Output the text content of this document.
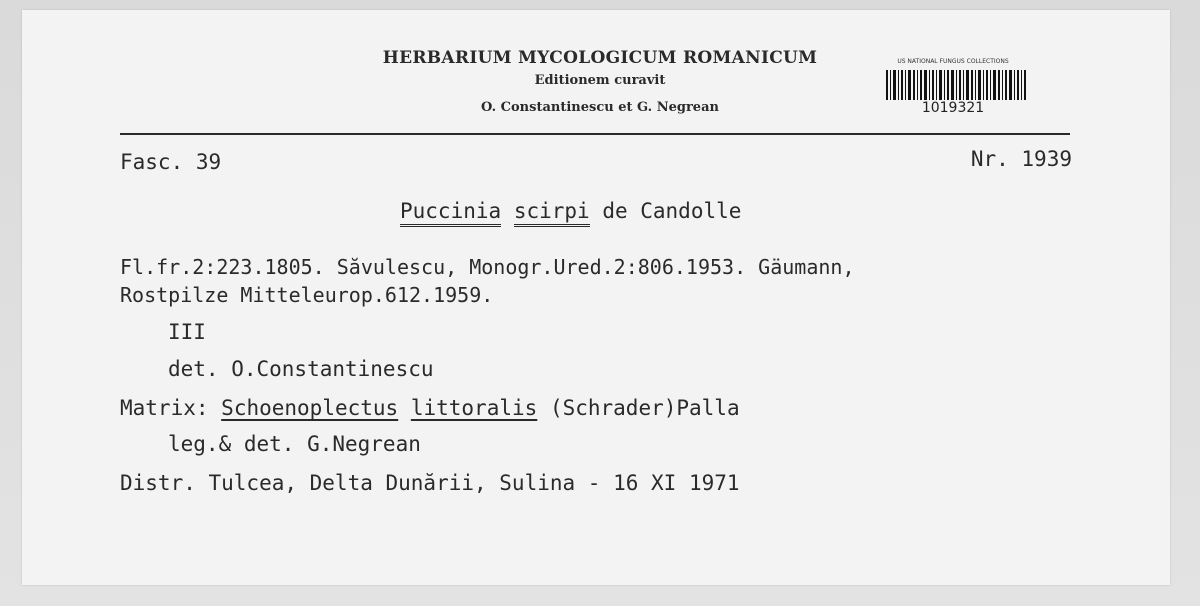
HERBARIUM MYCOLOGICUM ROMANICUM
Editionem curavit
O. Constantinescu et G. Negrean
US NATIONAL FUNGUS COLLECTIONS
1019321
Fasc. 39	Nr. 1939
Puccinia scirpi de Candolle
Fl.fr.2:223.1805. Săvulescu, Monogr.Ured.2:806.1953. Gäumann,
Rostpilze Mitteleurop.612.1959.
III
det. O.Constantinescu
Matrix: Schoenoplectus littoralis (Schrader)Palla
leg.& det. G.Negrean
Distr. Tulcea, Delta Dunării, Sulina - 16 XI 1971
